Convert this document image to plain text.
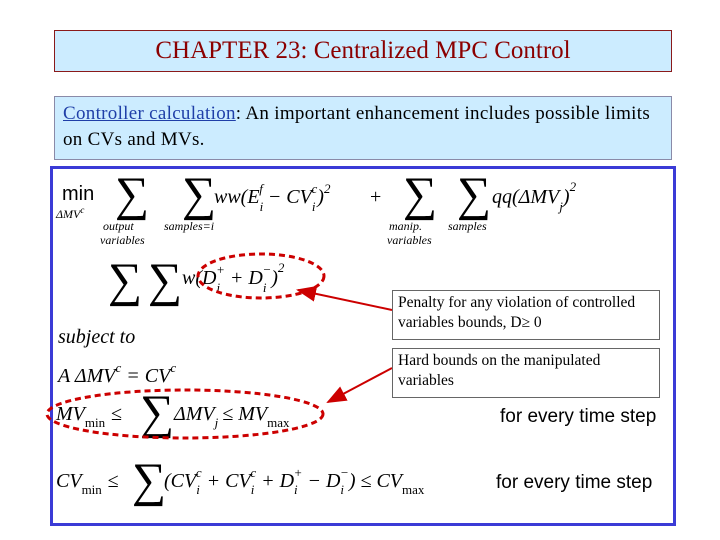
CHAPTER 23: Centralized MPC Control
Controller calculation: An important enhancement includes possible limits on CVs and MVs.
min
ΔMV$^c$ ∑
output
variables
∑
samples=i
$ww(E_if - CV_ic)^2$ + ∑
manip.
variables
∑
samples
$qq(\Delta MV_j)^2$
∑ ∑ $w(D_i+ + D_i-)^2$
subject to
A $\Delta MV^c = CV^c$
$MV_{min}$ ≤ ∑ $\Delta MV_j \le MV_{max}$	for every time step
$CV_{min}$ ≤ ∑
$(CV_ic + CV_ic + D_i+ - D_i-) \le CV_{max}$	for every time step
Penalty for any violation of controlled variables bounds, D≥ 0
Hard bounds on the manipulated variables
